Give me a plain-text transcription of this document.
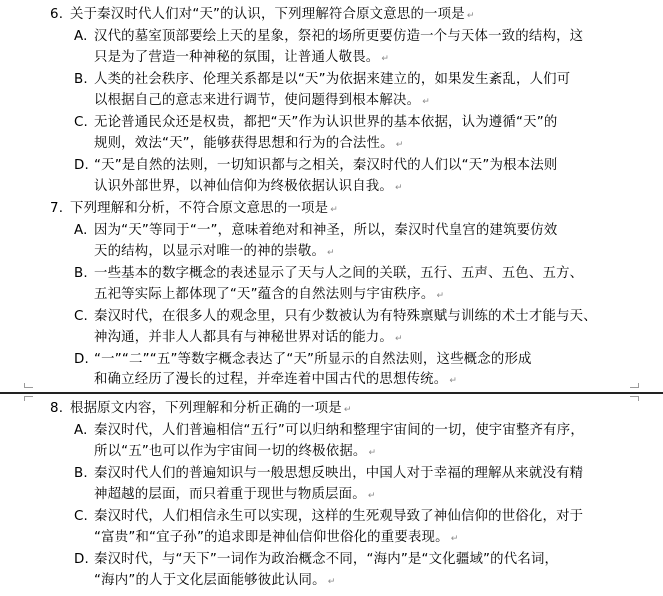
6. 关于秦汉时代人们对“天”的认识，下列理解符合原文意思的一项是 ↵
A. 汉代的墓室顶部要绘上天的星象，祭祀的场所更要仿造一个与天体一致的结构，这
只是为了营造一种神秘的氛围，让普通人敬畏。 ↵
B. 人类的社会秩序、伦理关系都是以“天”为依据来建立的，如果发生紊乱，人们可
以根据自己的意志来进行调节，使问题得到根本解决。 ↵
C. 无论普通民众还是权贵，都把“天”作为认识世界的基本依据，认为遵循“天”的
规则，效法“天”，能够获得思想和行为的合法性。 ↵
D. “天”是自然的法则，一切知识都与之相关，秦汉时代的人们以“天”为根本法则
认识外部世界，以神仙信仰为终极依据认识自我。 ↵
7. 下列理解和分析，不符合原文意思的一项是 ↵
A. 因为“天”等同于“一”，意味着绝对和神圣，所以，秦汉时代皇宫的建筑要仿效
天的结构，以显示对唯一的神的崇敬。 ↵
B. 一些基本的数字概念的表述显示了天与人之间的关联，五行、五声、五色、五方、
五祀等实际上都体现了“天”蕴含的自然法则与宇宙秩序。 ↵
C. 秦汉时代，在很多人的观念里，只有少数被认为有特殊禀赋与训练的术士才能与天、
神沟通，并非人人都具有与神秘世界对话的能力。 ↵
D. “一”“二”“五”等数字概念表达了“天”所显示的自然法则，这些概念的形成
和确立经历了漫长的过程，并牵连着中国古代的思想传统。 ↵
8. 根据原文内容，下列理解和分析正确的一项是 ↵
A. 秦汉时代，人们普遍相信“五行”可以归纳和整理宇宙间的一切，使宇宙整齐有序，
所以“五”也可以作为宇宙间一切的终极依据。 ↵
B. 秦汉时代人们的普遍知识与一般思想反映出，中国人对于幸福的理解从来就没有精
神超越的层面，而只着重于现世与物质层面。 ↵
C. 秦汉时代，人们相信永生可以实现，这样的生死观导致了神仙信仰的世俗化，对于
“富贵”和“宜子孙”的追求即是神仙信仰世俗化的重要表现。 ↵
D. 秦汉时代，与“天下”一词作为政治概念不同，“海内”是“文化疆域”的代名词，
“海内”的人于文化层面能够彼此认同。 ↵
